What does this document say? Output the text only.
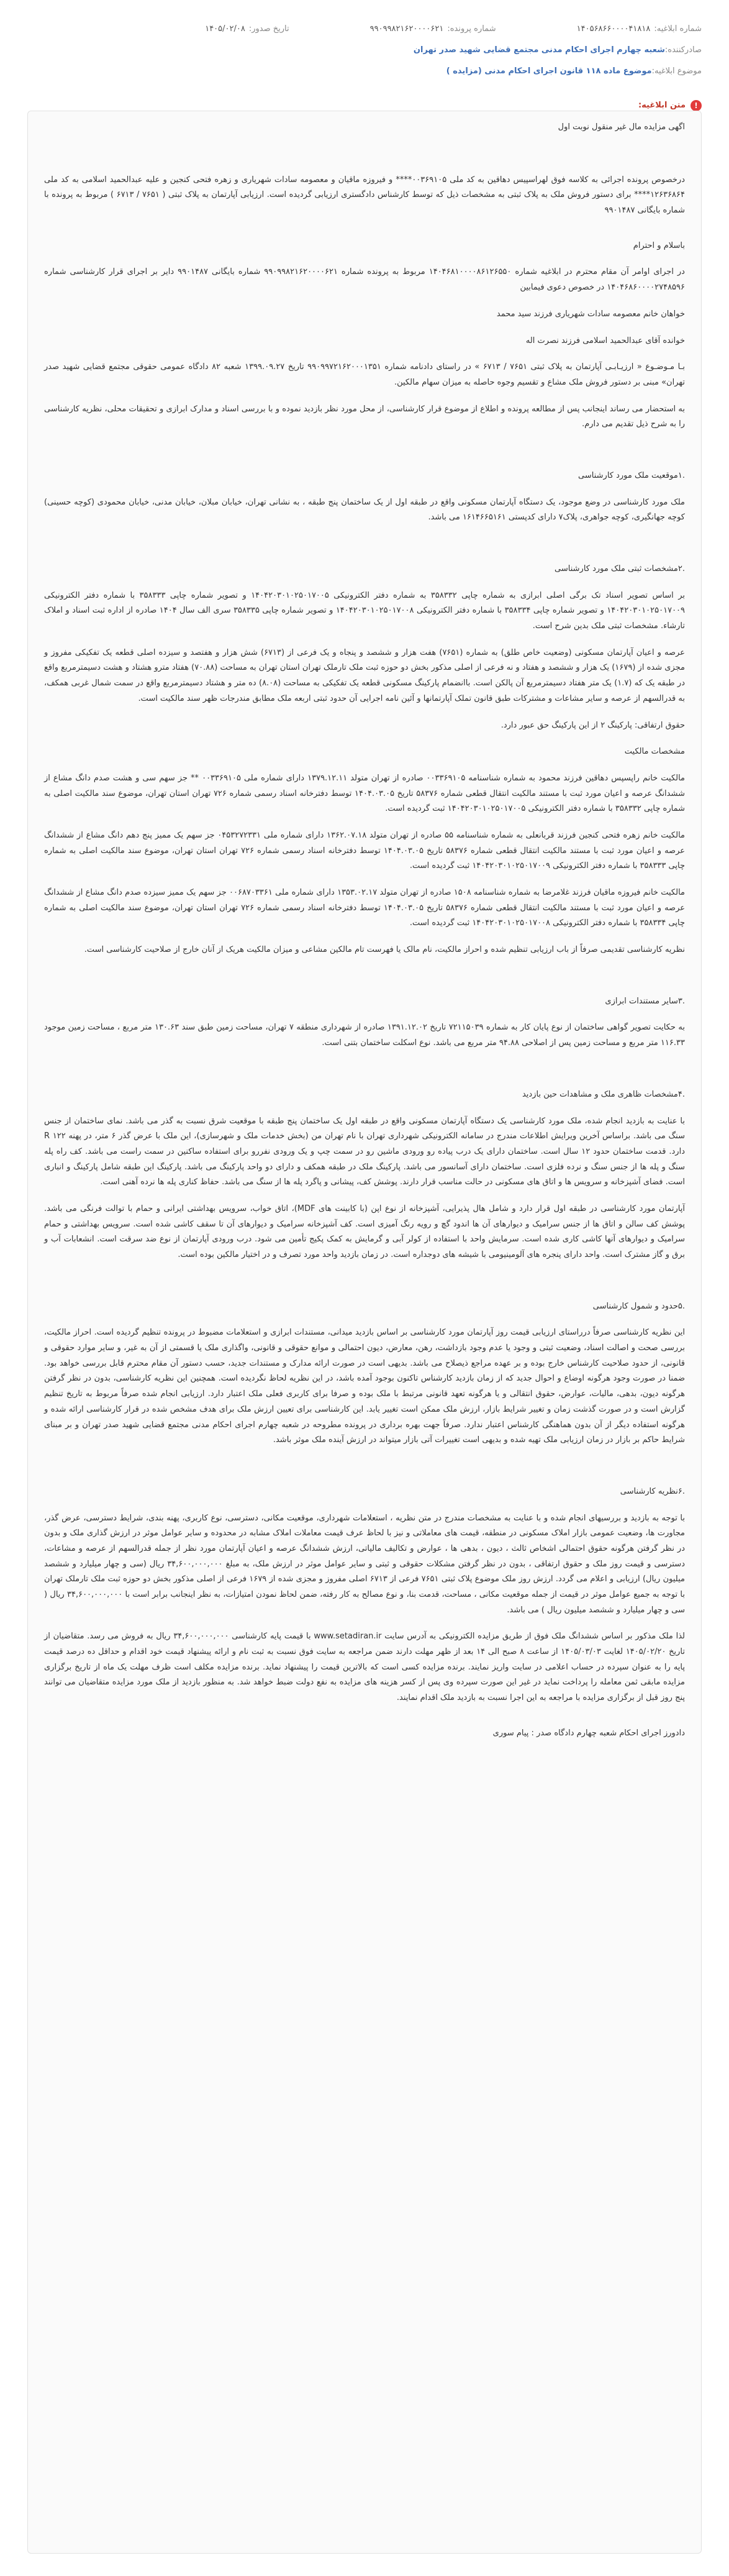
شماره ابلاغیه:
۱۴۰۵۶۸۶۶۰۰۰۰۴۱۸۱۸
شماره پرونده:
۹۹۰۹۹۸۲۱۶۲۰۰۰۰۶۲۱
تاریخ صدور:
۱۴۰۵/۰۲/۰۸
صادرکننده:
شعبه چهارم اجرای احکام مدنی مجتمع قضایی شهید صدر تهران
موضوع ابلاغیه:
موضوع ماده ۱۱۸ قانون اجرای احکام مدنی (مزایده )
!
متن ابلاغیه:
اگهی مزایده مال غیر منقول نوبت اول
درخصوص پرونده اجرائی به کلاسه فوق لهراسپیس دهاقین به کد ملی ۰۰۳۶۹۱۰۵**** و فیروزه ماقیان و معصومه سادات شهریاری و زهره فتحی کنجین و علیه عبدالحمید اسلامی به کد ملی ۱۲۶۳۶۸۶۴**** برای دستور فروش ملک به پلاک ثبتی به مشخصات ذیل که توسط کارشناس دادگستری ارزیابی گردیده است. ارزیابی آپارتمان به پلاک ثبتی ( ۷۶۵۱ / ۶۷۱۳ ) مربوط به پرونده با شماره بایگانی ۹۹۰۱۴۸۷
باسلام و احترام
در اجرای اوامر آن مقام محترم در ابلاغیه شماره ۱۴۰۴۶۸۱۰۰۰۰۸۶۱۲۶۵۵۰ مربوط به پرونده شماره ۹۹۰۹۹۸۲۱۶۲۰۰۰۰۶۲۱ شماره بایگانی ۹۹۰۱۴۸۷ دایر بر اجرای قرار کارشناسی شماره ۱۴۰۴۶۸۶۰۰۰۰۲۷۴۸۵۹۶ در خصوص دعوی فیمابین
خواهان خانم معصومه سادات شهریاری فرزند سید محمد
خوانده آقای عبدالحمید اسلامی فرزند نصرت اله
بـا مـوضـوع « ارزیـابـی آپارتمان به پلاک ثبتی ۷۶۵۱ / ۶۷۱۳ » در راستای دادنامه شماره ۹۹۰۹۹۷۲۱۶۲۰۰۰۱۳۵۱ تاریخ ۱۳۹۹.۰۹.۲۷ شعبه ۸۲ دادگاه عمومی حقوقی مجتمع قضایی شهید صدر تهران» مبنی بر دستور فروش ملک مشاع و تقسیم وجوه حاصله به میزان سهام مالکین.
به استحضار می رساند اینجانب پس از مطالعه پرونده و اطلاع از موضوع قرار کارشناسی، از محل مورد نظر بازدید نموده و با بررسی اسناد و مدارک ابرازی و تحقیقات محلی، نظریه کارشناسی را به شرح ذیل تقدیم می دارم.
.۱موقعیت ملک مورد کارشناسی
ملک مورد کارشناسی در وضع موجود، یک دستگاه آپارتمان مسکونی واقع در طبقه اول از یک ساختمان پنج طبقه ، به نشانی تهران، خیابان مبلان، خیابان مدنی، خیابان محمودی (کوچه حسینی) کوچه جهانگیری، کوچه جواهری، پلاک۷ دارای کدپستی ۱۶۱۴۶۶۵۱۶۱ می باشد.
.۲مشخصات ثبتی ملک مورد کارشناسی
بر اساس تصویر اسناد تک برگی اصلی ابرازی به شماره چاپی ۳۵۸۳۳۲ به شماره دفتر الکترونیکی ۱۴۰۴۲۰۳۰۱۰۲۵۰۱۷۰۰۵ و تصویر شماره چاپی ۳۵۸۳۳۳ با شماره دفتر الکترونیکی ۱۴۰۴۲۰۳۰۱۰۲۵۰۱۷۰۰۹ و تصویر شماره چاپی ۳۵۸۳۳۴ با شماره دفتر الکترونیکی ۱۴۰۴۲۰۳۰۱۰۲۵۰۱۷۰۰۸ و تصویر شماره چاپی ۳۵۸۳۳۵ سری الف سال ۱۴۰۴ صادره از اداره ثبت اسناد و املاک تارشاء. مشخصات ثبتی ملک بدین شرح است.
عرصه و اعیان آپارتمان مسکونی (وضعیت خاص طلق) به شماره (۷۶۵۱) هفت هزار و ششصد و پنجاه و یک فرعی از (۶۷۱۳) شش هزار و هفتصد و سیزده اصلی قطعه یک تفکیکی مفروز و مجزی شده از (۱۶۷۹) یک هزار و ششصد و هفتاد و نه فرعی از اصلی مذکور بخش دو حوزه ثبت ملک تارملک تهران استان تهران به مساحت (۷۰.۸۸) هفتاد مترو هشتاد و هشت دسیمترمربع واقع در طبقه یک که (۱.۷) یک متر هفتاد دسیمترمربع آن پالکن است. باانضمام پارکینگ مسکونی قطعه یک تفکیکی به مساحت (۸.۰۸) ده متر و هشتاد دسیمترمربع واقع در سمت شمال غربی همکف، به قدرالسهم از عرصه و سایر مشاعات و مشترکات طبق قانون تملک آپارتمانها و آئین نامه اجرایی آن حدود ثبتی اربعه ملک مطابق مندرجات ظهر سند مالکیت است.
حقوق ارتفاقی: پارکینگ ۲ از این پارکینگ حق عبور دارد.
مشخصات مالکیت
مالکیت خانم راپسپس دهاقین فرزند محمود به شماره شناسنامه ۰۰۳۳۶۹۱۰۵ صادره از تهران متولد ۱۳۷۹.۱۲.۱۱ دارای شماره ملی ۰۰۳۳۶۹۱۰۵ ** جز سهم سی و هشت صدم دانگ مشاع از ششدانگ عرصه و اعیان مورد ثبت با مستند مالکیت انتقال قطعی شماره ۵۸۳۷۶ تاریخ ۱۴۰۴.۰۳.۰۵ توسط دفترخانه اسناد رسمی شماره ۷۲۶ تهران استان تهران، موضوع سند مالکیت اصلی به شماره چاپی ۳۵۸۳۳۲ با شماره دفتر الکترونیکی ۱۴۰۴۲۰۳۰۱۰۲۵۰۱۷۰۰۵ ثبت گردیده است.
مالکیت خانم زهره فتحی کنجین فرزند قربانعلی به شماره شناسنامه ۵۵ صادره از تهران متولد ۱۳۶۲.۰۷.۱۸ دارای شماره ملی ۰۴۵۳۲۷۲۳۳۱ جز سهم یک ممیز پنج دهم دانگ مشاع از ششدانگ عرصه و اعیان مورد ثبت با مستند مالکیت انتقال قطعی شماره ۵۸۳۷۶ تاریخ ۱۴۰۴.۰۳.۰۵ توسط دفترخانه اسناد رسمی شماره ۷۲۶ تهران استان تهران، موضوع سند مالکیت اصلی به شماره چاپی ۳۵۸۳۳۳ با شماره دفتر الکترونیکی ۱۴۰۴۲۰۳۰۱۰۲۵۰۱۷۰۰۹ ثبت گردیده است.
مالکیت خانم فیروزه ماقیان فرزند غلامرضا به شماره شناسنامه ۱۵۰۸ صادره از تهران متولد ۱۳۵۳.۰۲.۱۷ دارای شماره ملی ۰۰۶۸۷۰۳۳۶۱ جز سهم یک ممیز سیزده صدم دانگ مشاع از ششدانگ عرصه و اعیان مورد ثبت با مستند مالکیت انتقال قطعی شماره ۵۸۳۷۶ تاریخ ۱۴۰۴.۰۳.۰۵ توسط دفترخانه اسناد رسمی شماره ۷۲۶ تهران استان تهران، موضوع سند مالکیت اصلی به شماره چاپی ۳۵۸۳۳۴ با شماره دفتر الکترونیکی ۱۴۰۴۲۰۳۰۱۰۲۵۰۱۷۰۰۸ ثبت گردیده است.
نظریه کارشناسی تقدیمی صرفاً از باب ارزیابی تنظیم شده و احراز مالکیت، نام مالک یا فهرست تام مالکین مشاعی و میزان مالکیت هریک از آنان خارج از صلاحیت کارشناسی است.
.۳سایر مستندات ابرازی
به حکایت تصویر گواهی ساختمان از نوع پایان کار به شماره ۷۲۱۱۵۰۳۹ تاریخ ۱۳۹۱.۱۲.۰۲ صادره از شهرداری منطقه ۷ تهران، مساحت زمین طبق سند ۱۳۰.۶۳ متر مربع ، مساحت زمین موجود ۱۱۶.۳۳ متر مربع و مساحت زمین پس از اصلاحی ۹۴.۸۸ متر مربع می باشد. نوع اسکلت ساختمان بتنی است.
.۴مشخصات ظاهری ملک و مشاهدات حین بازدید
با عنایت به بازدید انجام شده، ملک مورد کارشناسی یک دستگاه آپارتمان مسکونی واقع در طبقه اول یک ساختمان پنج طبقه با موقعیت شرق نسبت به گذر می باشد. نمای ساختمان از جنس سنگ می باشد. براساس آخرین ویرایش اطلاعات مندرج در سامانه الکترونیکی شهرداری تهران با نام تهران من (بخش خدمات ملک و شهرسازی)، این ملک با عرض گذر ۶ متر، در پهنه ۱۲۲ R دارد. قدمت ساختمان حدود ۱۲ سال است. ساختمان دارای یک درب پیاده رو ورودی ماشین رو در سمت چپ و یک ورودی نفررو برای استفاده ساکنین در سمت راست می باشد. کف راه پله سنگ و پله ها از جنس سنگ و نرده فلزی است. ساختمان دارای آسانسور می باشد. پارکینگ ملک در طبقه همکف و دارای دو واحد پارکینگ می باشد. پارکینگ این طبقه شامل پارکینگ و انباری است. فضای آشپزخانه و سرویس ها و اتاق های مسکونی در حالت مناسب قرار دارند. پوشش کف، پیشانی و پاگرد پله ها از سنگ می باشد. حفاظ کناری پله ها نرده آهنی است.
آپارتمان مورد کارشناسی در طبقه اول قرار دارد و شامل هال پذیرایی، آشپزخانه از نوع اپن (با کابینت های MDF)، اتاق خواب، سرویس بهداشتی ایرانی و حمام با توالت فرنگی می باشد. پوشش کف سالن و اتاق ها از جنس سرامیک و دیوارهای آن ها اندود گچ و رویه رنگ آمیزی است. کف آشپزخانه سرامیک و دیوارهای آن تا سقف کاشی شده است. سرویس بهداشتی و حمام سرامیک و دیوارهای آنها کاشی کاری شده است. سرمایش واحد با استفاده از کولر آبی و گرمایش به کمک پکیج تأمین می شود. درب ورودی آپارتمان از نوع ضد سرقت است. انشعابات آب و برق و گاز مشترک است. واحد دارای پنجره های آلومینیومی با شیشه های دوجداره است. در زمان بازدید واحد مورد تصرف و در اختیار مالکین بوده است.
.۵حدود و شمول کارشناسی
این نظریه کارشناسی صرفاً درراستای ارزیابی قیمت روز آپارتمان مورد کارشناسی بر اساس بازدید میدانی، مستندات ابرازی و استعلامات مضبوط در پرونده تنظیم گردیده است. احراز مالکیت، بررسی صحت و اصالت اسناد، وضعیت ثبتی و وجود یا عدم وجود بازداشت، رهن، معارض، دیون احتمالی و موانع حقوقی و قانونی، واگذاری ملک یا قسمتی از آن به غیر، و سایر موارد حقوقی و قانونی، از حدود صلاحیت کارشناس خارج بوده و بر عهده مراجع ذیصلاح می باشد. بدیهی است در صورت ارائه مدارک و مستندات جدید، حسب دستور آن مقام محترم قابل بررسی خواهد بود. ضمنا در صورت وجود هرگونه اوضاع و احوال جدید که از زمان بازدید کارشناس تاکنون بوجود آمده باشد، در این نظریه لحاظ نگردیده است. همچنین این نظریه کارشناسی، بدون در نظر گرفتن هرگونه دیون، بدهی، مالیات، عوارض، حقوق انتقالی و یا هرگونه تعهد قانونی مرتبط با ملک بوده و صرفا برای کاربری فعلی ملک اعتبار دارد. ارزیابی انجام شده صرفاً مربوط به تاریخ تنظیم گزارش است و در صورت گذشت زمان و تغییر شرایط بازار، ارزش ملک ممکن است تغییر یابد. این کارشناسی برای تعیین ارزش ملک برای هدف مشخص شده در قرار کارشناسی ارائه شده و هرگونه استفاده دیگر از آن بدون هماهنگی کارشناس اعتبار ندارد. صرفاً جهت بهره برداری در پرونده مطروحه در شعبه چهارم اجرای احکام مدنی مجتمع قضایی شهید صدر تهران و بر مبنای شرایط حاکم بر بازار در زمان ارزیابی ملک تهیه شده و بدیهی است تغییرات آتی بازار میتواند در ارزش آینده ملک موثر باشد.
.۶نظریه کارشناسی
با توجه به بازدید و بررسیهای انجام شده و با عنایت به مشخصات مندرج در متن نظریه ، استعلامات شهرداری، موقعیت مکانی، دسترسی، نوع کاربری، پهنه بندی، شرایط دسترسی، عرض گذر، مجاورت ها، وضعیت عمومی بازار املاک مسکونی در منطقه، قیمت های معاملاتی و نیز با لحاظ عرف قیمت معاملات املاک مشابه در محدوده و سایر عوامل موثر در ارزش گذاری ملک و بدون در نظر گرفتن هرگونه حقوق احتمالی اشخاص ثالث ، دیون ، بدهی ها ، عوارض و تکالیف مالیاتی، ارزش ششدانگ عرصه و اعیان آپارتمان مورد نظر از جمله قدرالسهم از عرصه و مشاعات، دسترسی و قیمت روز ملک و حقوق ارتفاقی ، بدون در نظر گرفتن مشکلات حقوقی و ثبتی و سایر عوامل موثر در ارزش ملک، به مبلغ ۳۴,۶۰۰,۰۰۰,۰۰۰ ریال (سی و چهار میلیارد و ششصد میلیون ریال) ارزیابی و اعلام می گردد. ارزش روز ملک موضوع پلاک ثبتی ۷۶۵۱ فرعی از ۶۷۱۳ اصلی مفروز و مجزی شده از ۱۶۷۹ فرعی از اصلی مذکور بخش دو حوزه ثبت ملک تارملک تهران با توجه به جمیع عوامل موثر در قیمت از جمله موقعیت مکانی ، مساحت، قدمت بنا، و نوع مصالح به کار رفته، ضمن لحاظ نمودن امتیازات، به نظر اینجانب برابر است با ۳۴,۶۰۰,۰۰۰,۰۰۰ ریال ( سی و چهار میلیارد و ششصد میلیون ریال ) می باشد.
لذا ملک مذکور بر اساس ششدانگ ملک فوق از طریق مزایده الکترونیکی به آدرس سایت www.setadiran.ir با قیمت پایه کارشناسی ۳۴,۶۰۰,۰۰۰,۰۰۰ ریال به فروش می رسد. متقاضیان از تاریخ ۱۴۰۵/۰۲/۲۰ لغایت ۱۴۰۵/۰۳/۰۳ از ساعت ۸ صبح الی ۱۴ بعد از ظهر مهلت دارند ضمن مراجعه به سایت فوق نسبت به ثبت نام و ارائه پیشنهاد قیمت خود اقدام و حداقل ده درصد قیمت پایه را به عنوان سپرده در حساب اعلامی در سایت واریز نمایند. برنده مزایده کسی است که بالاترین قیمت را پیشنهاد نماید. برنده مزایده مکلف است ظرف مهلت یک ماه از تاریخ برگزاری مزایده مابقی ثمن معامله را پرداخت نماید در غیر این صورت سپرده وی پس از کسر هزینه های مزایده به نفع دولت ضبط خواهد شد. به منظور بازدید از ملک مورد مزایده متقاضیان می توانند پنج روز قبل از برگزاری مزایده با مراجعه به این اجرا نسبت به بازدید ملک اقدام نمایند.
دادورز اجرای احکام شعبه چهارم دادگاه صدر : پیام سوری
